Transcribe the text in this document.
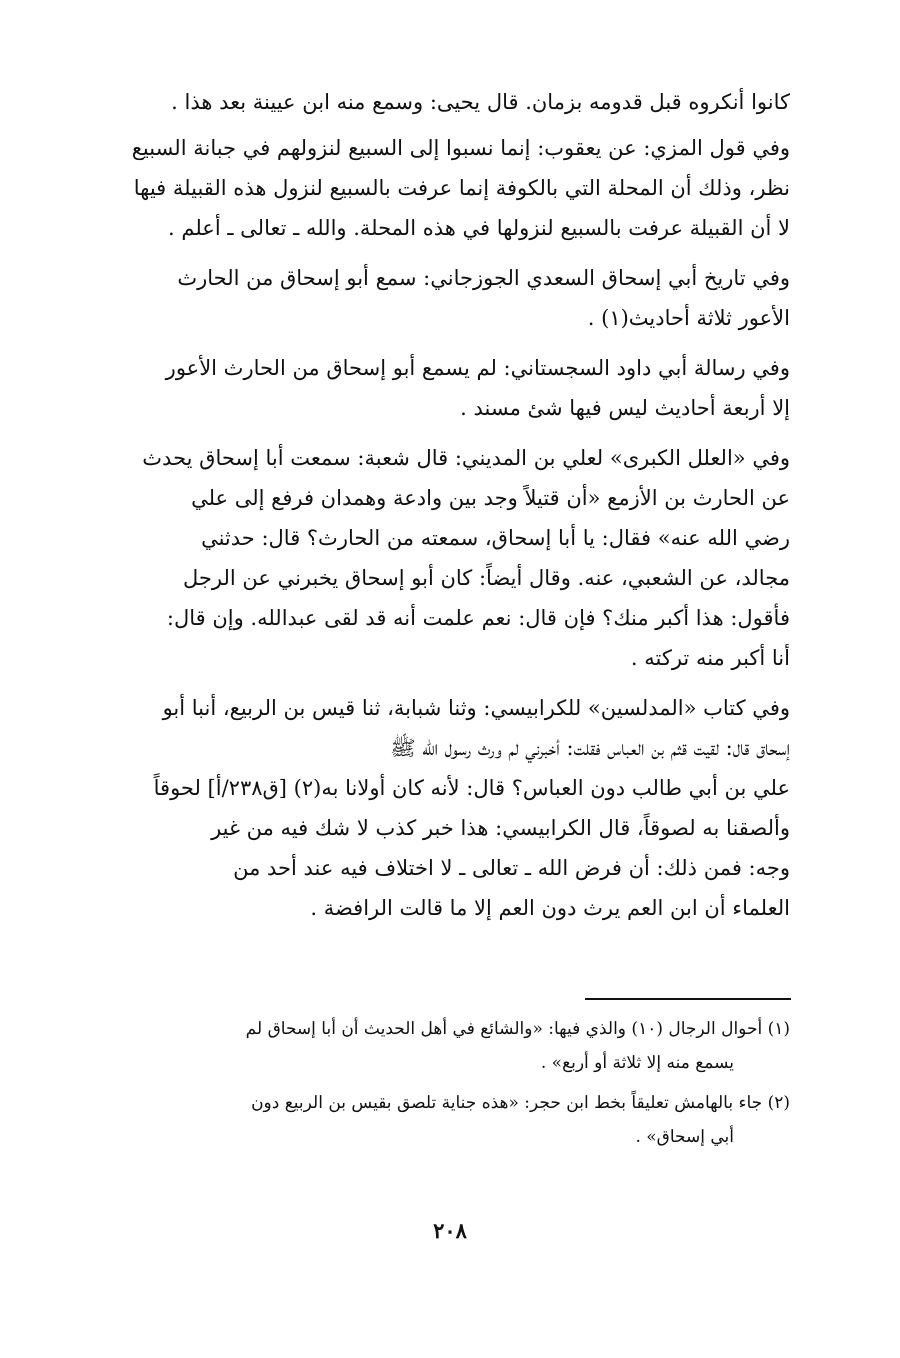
كانوا أنكروه قبل قدومه بزمان. قال يحيى: وسمع منه ابن عيينة بعد هذا .

وفي قول المزي: عن يعقوب: إنما نسبوا إلى السبيع لنزولهم في جبانة السبيع
نظر، وذلك أن المحلة التي بالكوفة إنما عرفت بالسبيع لنزول هذه القبيلة فيها
لا أن القبيلة عرفت بالسبيع لنزولها في هذه المحلة. والله ـ تعالى ـ أعلم .

وفي تاريخ أبي إسحاق السعدي الجوزجاني: سمع أبو إسحاق من الحارث
الأعور ثلاثة أحاديث(١) .

وفي رسالة أبي داود السجستاني: لم يسمع أبو إسحاق من الحارث الأعور
إلا أربعة أحاديث ليس فيها شئ مسند .

وفي «العلل الكبرى» لعلي بن المديني: قال شعبة: سمعت أبا إسحاق يحدث
عن الحارث بن الأزمع «أن قتيلاً وجد بين وادعة وهمدان فرفع إلى علي
رضي الله عنه» فقال: يا أبا إسحاق، سمعته من الحارث؟ قال: حدثني
مجالد، عن الشعبي، عنه. وقال أيضاً: كان أبو إسحاق يخبرني عن الرجل
فأقول: هذا أكبر منك؟ فإن قال: نعم علمت أنه قد لقى عبدالله. وإن قال:
أنا أكبر منه تركته .

وفي كتاب «المدلسين» للكرابيسي: وثنا شبابة، ثنا قيس بن الربيع، أنبا أبو
إسحاق قال: لقيت قثم بن العباس فقلت: أخبرني لم ورث رسول الله ﷺ
علي بن أبي طالب دون العباس؟ قال: لأنه كان أولانا به(٢) [ق٢٣٨/أ] لحوقاً
وألصقنا به لصوقاً، قال الكرابيسي: هذا خبر كذب لا شك فيه من غير
وجه: فمن ذلك: أن فرض الله ـ تعالى ـ لا اختلاف فيه عند أحد من
العلماء أن ابن العم يرث دون العم إلا ما قالت الرافضة .

(١) أحوال الرجال (١٠) والذي فيها: «والشائع في أهل الحديث أن أبا إسحاق لم
يسمع منه إلا ثلاثة أو أربع» .

(٢) جاء بالهامش تعليقاً بخط ابن حجر: «هذه جناية تلصق بقيس بن الربيع دون
أبي إسحاق» .

٢٠٨
